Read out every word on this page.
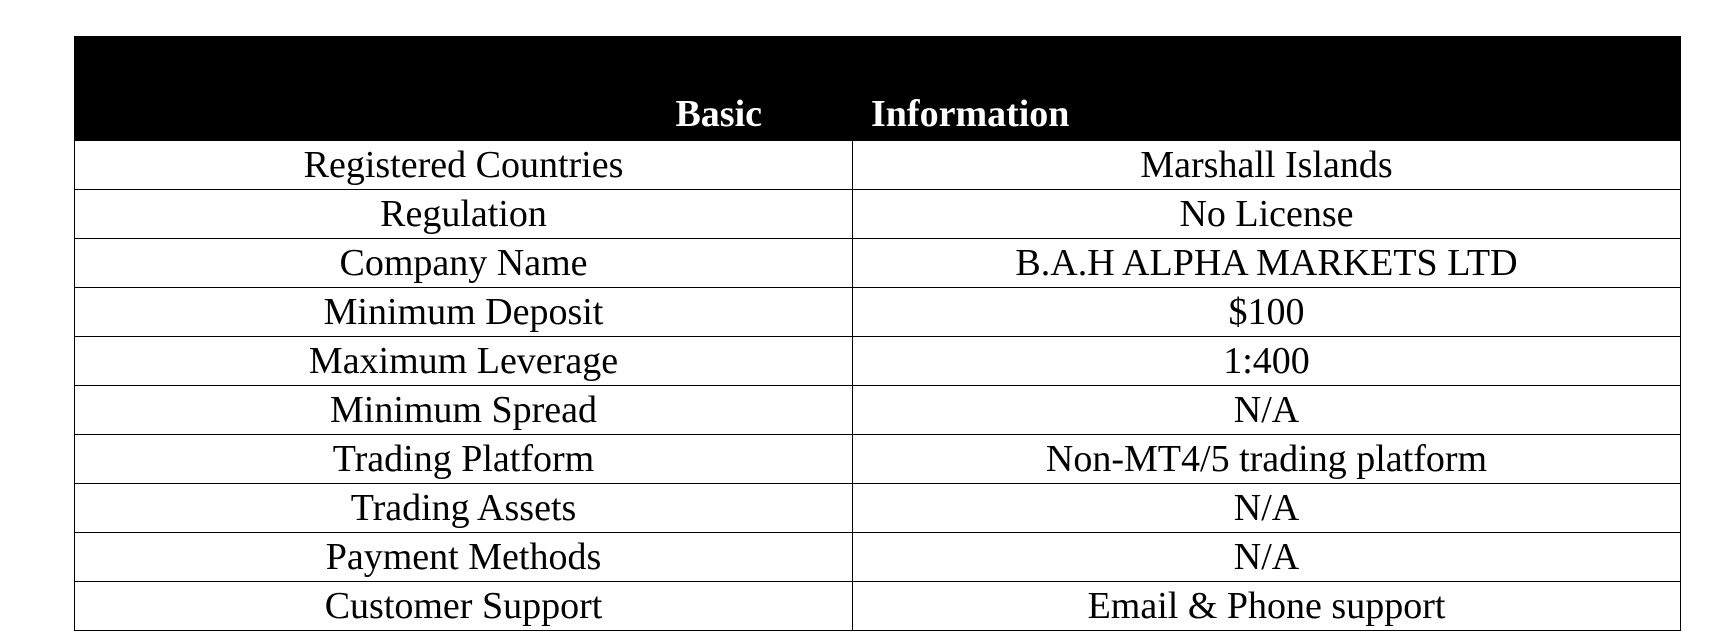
Basic	Information
Registered Countries	Marshall Islands
Regulation	No License
Company Name	B.A.H ALPHA MARKETS LTD
Minimum Deposit	$100
Maximum Leverage	1:400
Minimum Spread	N/A
Trading Platform	Non-MT4/5 trading platform
Trading Assets	N/A
Payment Methods	N/A
Customer Support	Email & Phone support
